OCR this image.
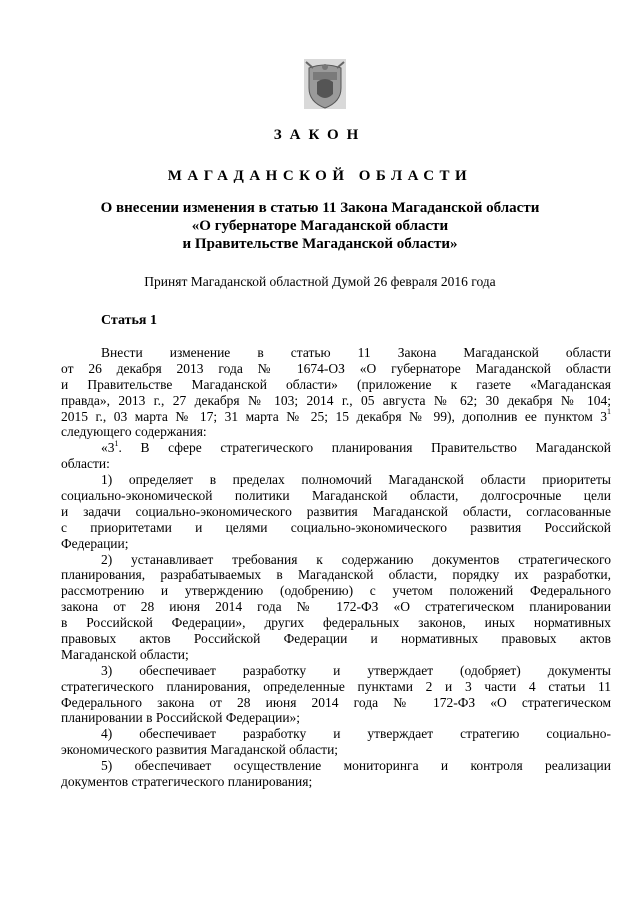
ЗАКОН
МАГАДАНСКОЙ ОБЛАСТИ
О внесении изменения в статью 11 Закона Магаданской области
«О губернаторе Магаданской области
и Правительстве Магаданской области»
Принят Магаданской областной Думой 26 февраля 2016 года
Статья 1
Внести изменение в статью 11 Закона Магаданской области
от 26 декабря 2013 года № 1674-ОЗ «О губернаторе Магаданской области
и Правительстве Магаданской области» (приложение к газете «Магаданская
правда», 2013 г., 27 декабря № 103; 2014 г., 05 августа № 62; 30 декабря № 104;
2015 г., 03 марта № 17; 31 марта № 25; 15 декабря № 99), дополнив ее пунктом $3^1$
следующего содержания:
«$3^1$. В сфере стратегического планирования Правительство Магаданской
области:
1) определяет в пределах полномочий Магаданской области приоритеты
социально-экономической политики Магаданской области, долгосрочные цели
и задачи социально-экономического развития Магаданской области, согласованные
с приоритетами и целями социально-экономического развития Российской
Федерации;
2) устанавливает требования к содержанию документов стратегического
планирования, разрабатываемых в Магаданской области, порядку их разработки,
рассмотрению и утверждению (одобрению) с учетом положений Федерального
закона от 28 июня 2014 года № 172-ФЗ «О стратегическом планировании
в Российской Федерации», других федеральных законов, иных нормативных
правовых актов Российской Федерации и нормативных правовых актов
Магаданской области;
3) обеспечивает разработку и утверждает (одобряет) документы
стратегического планирования, определенные пунктами 2 и 3 части 4 статьи 11
Федерального закона от 28 июня 2014 года № 172-ФЗ «О стратегическом
планировании в Российской Федерации»;
4) обеспечивает разработку и утверждает стратегию социально-
экономического развития Магаданской области;
5) обеспечивает осуществление мониторинга и контроля реализации
документов стратегического планирования;
